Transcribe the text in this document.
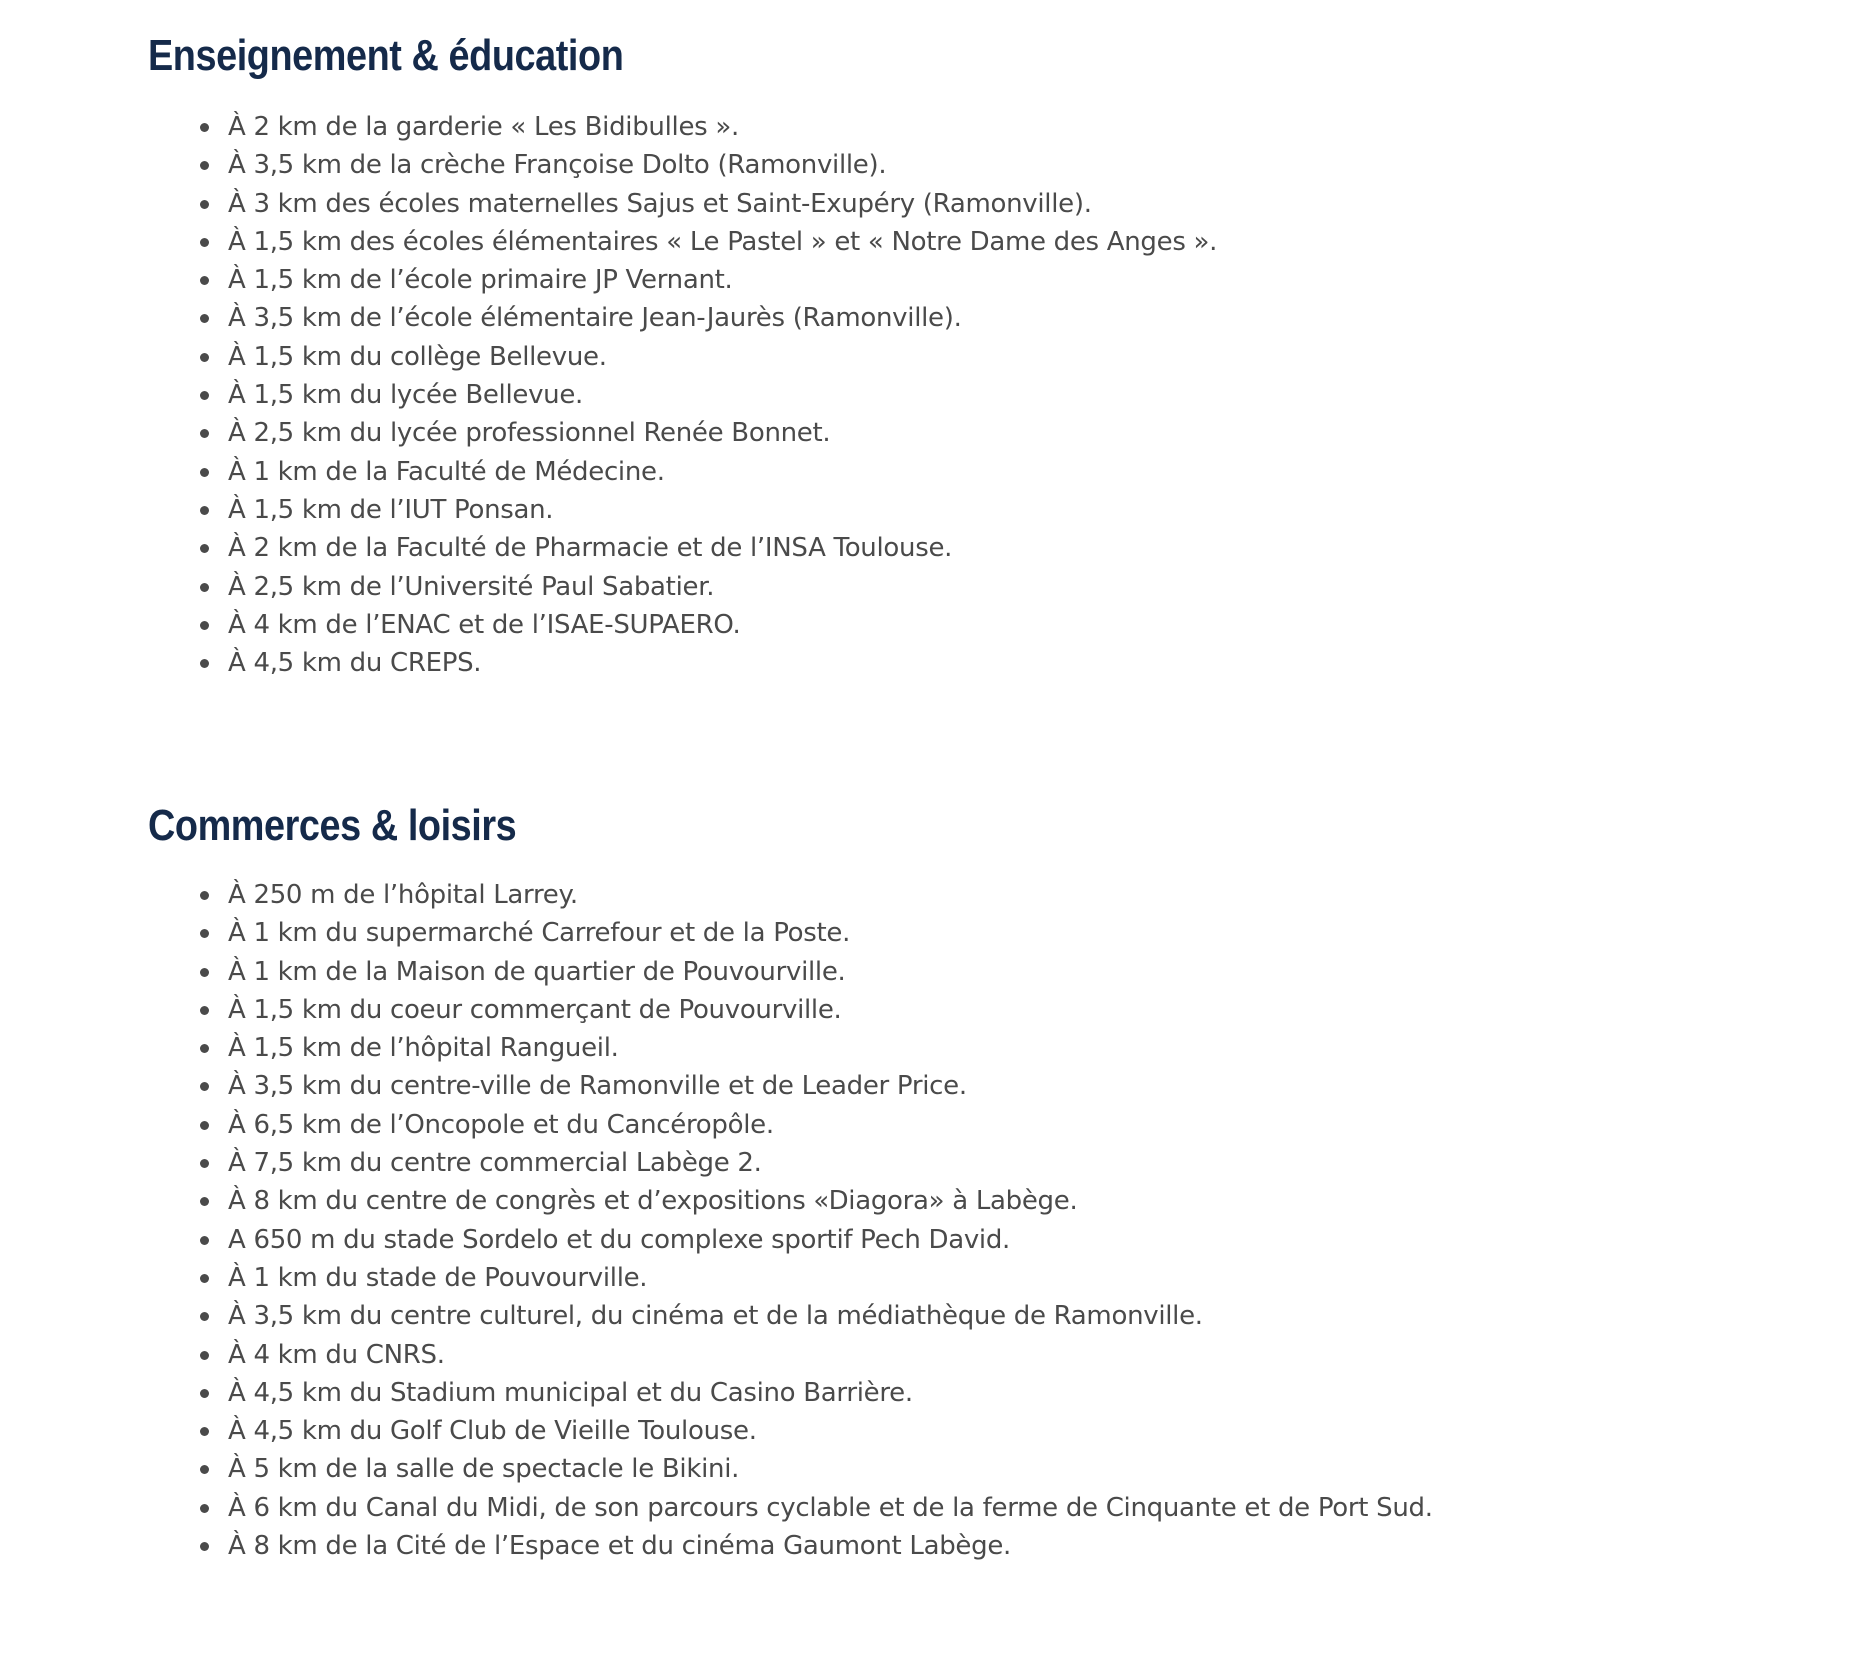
Enseignement & éducation
À 2 km de la garderie « Les Bidibulles ».
À 3,5 km de la crèche Françoise Dolto (Ramonville).
À 3 km des écoles maternelles Sajus et Saint-Exupéry (Ramonville).
À 1,5 km des écoles élémentaires « Le Pastel » et « Notre Dame des Anges ».
À 1,5 km de l’école primaire JP Vernant.
À 3,5 km de l’école élémentaire Jean-Jaurès (Ramonville).
À 1,5 km du collège Bellevue.
À 1,5 km du lycée Bellevue.
À 2,5 km du lycée professionnel Renée Bonnet.
À 1 km de la Faculté de Médecine.
À 1,5 km de l’IUT Ponsan.
À 2 km de la Faculté de Pharmacie et de l’INSA Toulouse.
À 2,5 km de l’Université Paul Sabatier.
À 4 km de l’ENAC et de l’ISAE-SUPAERO.
À 4,5 km du CREPS.
Commerces & loisirs
À 250 m de l’hôpital Larrey.
À 1 km du supermarché Carrefour et de la Poste.
À 1 km de la Maison de quartier de Pouvourville.
À 1,5 km du coeur commerçant de Pouvourville.
À 1,5 km de l’hôpital Rangueil.
À 3,5 km du centre-ville de Ramonville et de Leader Price.
À 6,5 km de l’Oncopole et du Cancéropôle.
À 7,5 km du centre commercial Labège 2.
À 8 km du centre de congrès et d’expositions «Diagora» à Labège.
A 650 m du stade Sordelo et du complexe sportif Pech David.
À 1 km du stade de Pouvourville.
À 3,5 km du centre culturel, du cinéma et de la médiathèque de Ramonville.
À 4 km du CNRS.
À 4,5 km du Stadium municipal et du Casino Barrière.
À 4,5 km du Golf Club de Vieille Toulouse.
À 5 km de la salle de spectacle le Bikini.
À 6 km du Canal du Midi, de son parcours cyclable et de la ferme de Cinquante et de Port Sud.
À 8 km de la Cité de l’Espace et du cinéma Gaumont Labège.
